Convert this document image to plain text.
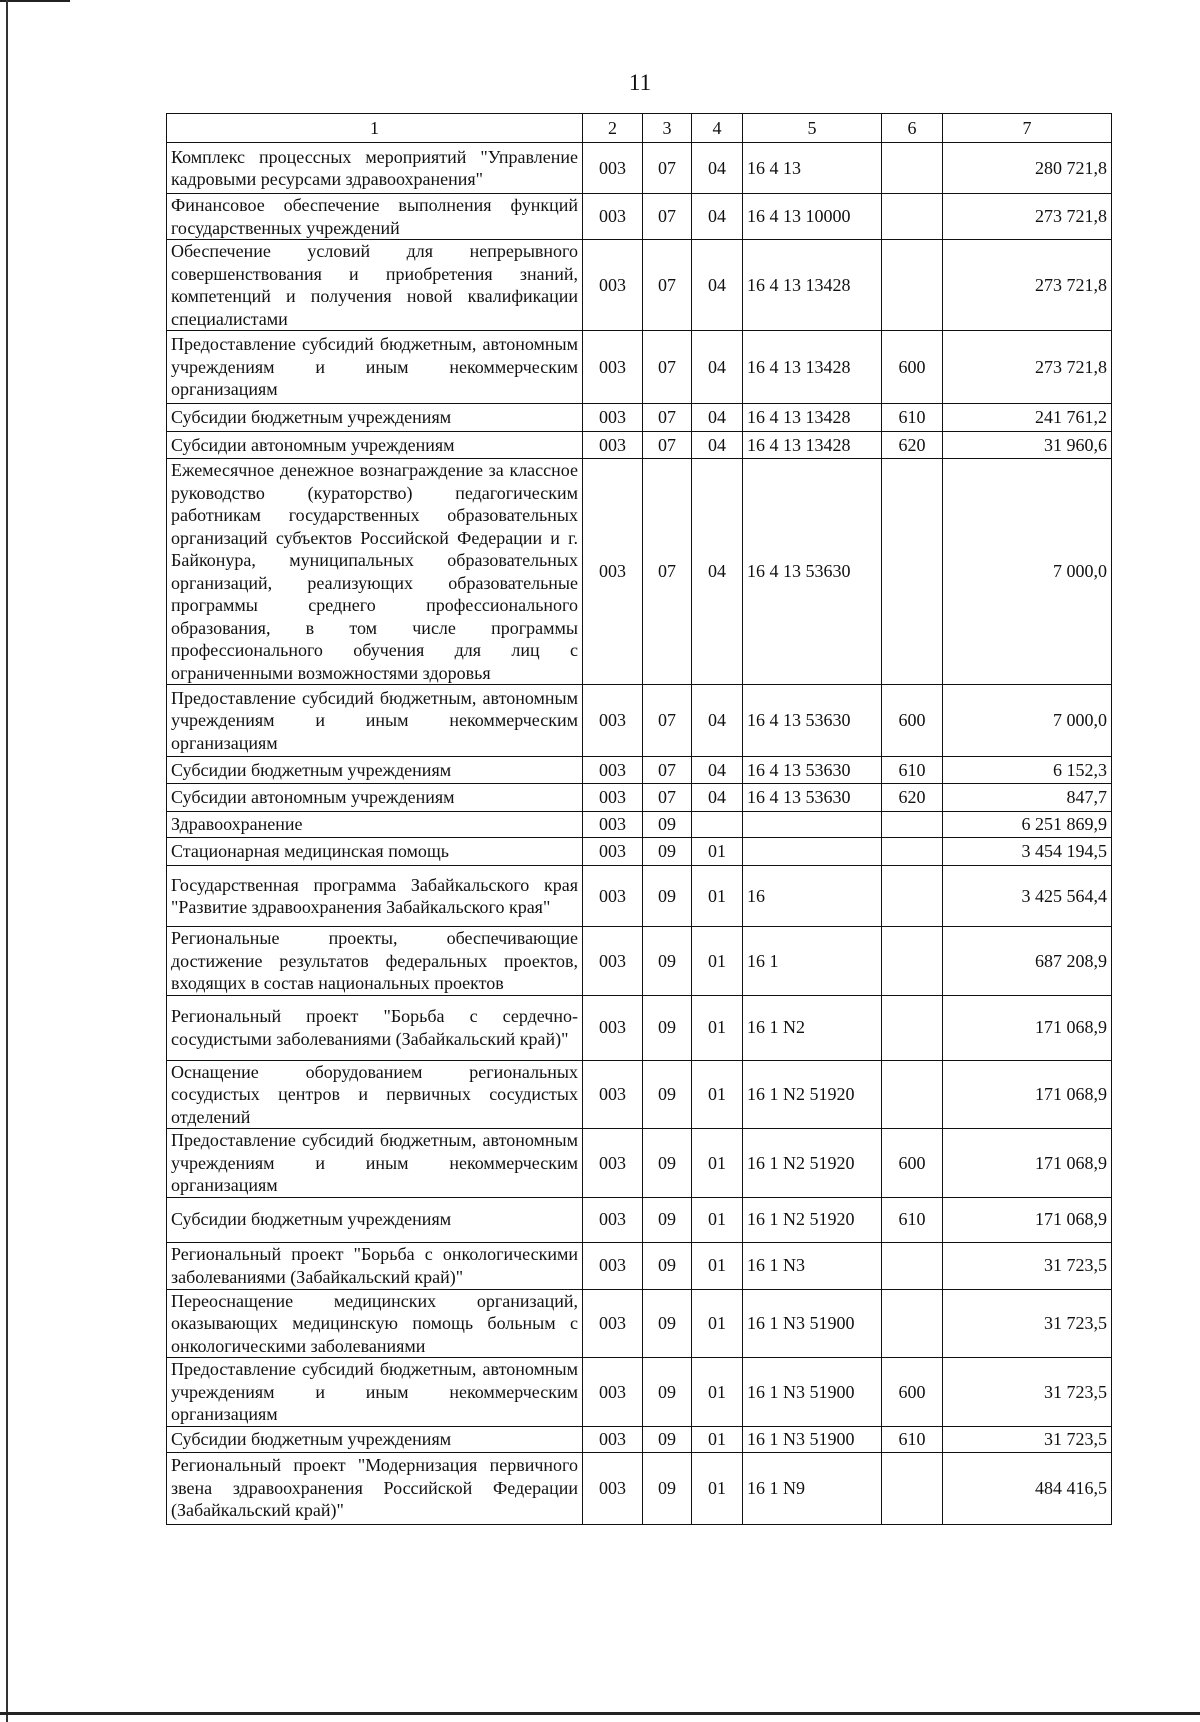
11
1	2	3	4	5	6	7
Комплекс процессных мероприятий "Управление кадровыми ресурсами здравоохранения"	003	07	04	16 4 13		280 721,8
Финансовое обеспечение выполнения функций государственных учреждений	003	07	04	16 4 13 10000		273 721,8
Обеспечение условий для непрерывного совершенствования и приобретения знаний, компетенций и получения новой квалификации специалистами	003	07	04	16 4 13 13428		273 721,8
Предоставление субсидий бюджетным, автономным учреждениям и иным некоммерческим организациям	003	07	04	16 4 13 13428	600	273 721,8
Субсидии бюджетным учреждениям	003	07	04	16 4 13 13428	610	241 761,2
Субсидии автономным учреждениям	003	07	04	16 4 13 13428	620	31 960,6
Ежемесячное денежное вознаграждение за классное руководство (кураторство) педагогическим работникам государственных образовательных организаций субъектов Российской Федерации и г. Байконура, муниципальных образовательных организаций, реализующих образовательные программы среднего профессионального образования, в том числе программы профессионального обучения для лиц с ограниченными возможностями здоровья	003	07	04	16 4 13 53630		7 000,0
Предоставление субсидий бюджетным, автономным учреждениям и иным некоммерческим организациям	003	07	04	16 4 13 53630	600	7 000,0
Субсидии бюджетным учреждениям	003	07	04	16 4 13 53630	610	6 152,3
Субсидии автономным учреждениям	003	07	04	16 4 13 53630	620	847,7
Здравоохранение	003	09				6 251 869,9
Стационарная медицинская помощь	003	09	01			3 454 194,5
Государственная программа Забайкальского края "Развитие здравоохранения Забайкальского края"	003	09	01	16		3 425 564,4
Региональные проекты, обеспечивающие достижение результатов федеральных проектов, входящих в состав национальных проектов	003	09	01	16 1		687 208,9
Региональный проект "Борьба с сердечно-сосудистыми заболеваниями (Забайкальский край)"	003	09	01	16 1 N2		171 068,9
Оснащение оборудованием региональных сосудистых центров и первичных сосудистых отделений	003	09	01	16 1 N2 51920		171 068,9
Предоставление субсидий бюджетным, автономным учреждениям и иным некоммерческим организациям	003	09	01	16 1 N2 51920	600	171 068,9
Субсидии бюджетным учреждениям	003	09	01	16 1 N2 51920	610	171 068,9
Региональный проект "Борьба с онкологическими заболеваниями (Забайкальский край)"	003	09	01	16 1 N3		31 723,5
Переоснащение медицинских организаций, оказывающих медицинскую помощь больным с онкологическими заболеваниями	003	09	01	16 1 N3 51900		31 723,5
Предоставление субсидий бюджетным, автономным учреждениям и иным некоммерческим организациям	003	09	01	16 1 N3 51900	600	31 723,5
Субсидии бюджетным учреждениям	003	09	01	16 1 N3 51900	610	31 723,5
Региональный проект "Модернизация первичного звена здравоохранения Российской Федерации (Забайкальский край)"	003	09	01	16 1 N9		484 416,5
